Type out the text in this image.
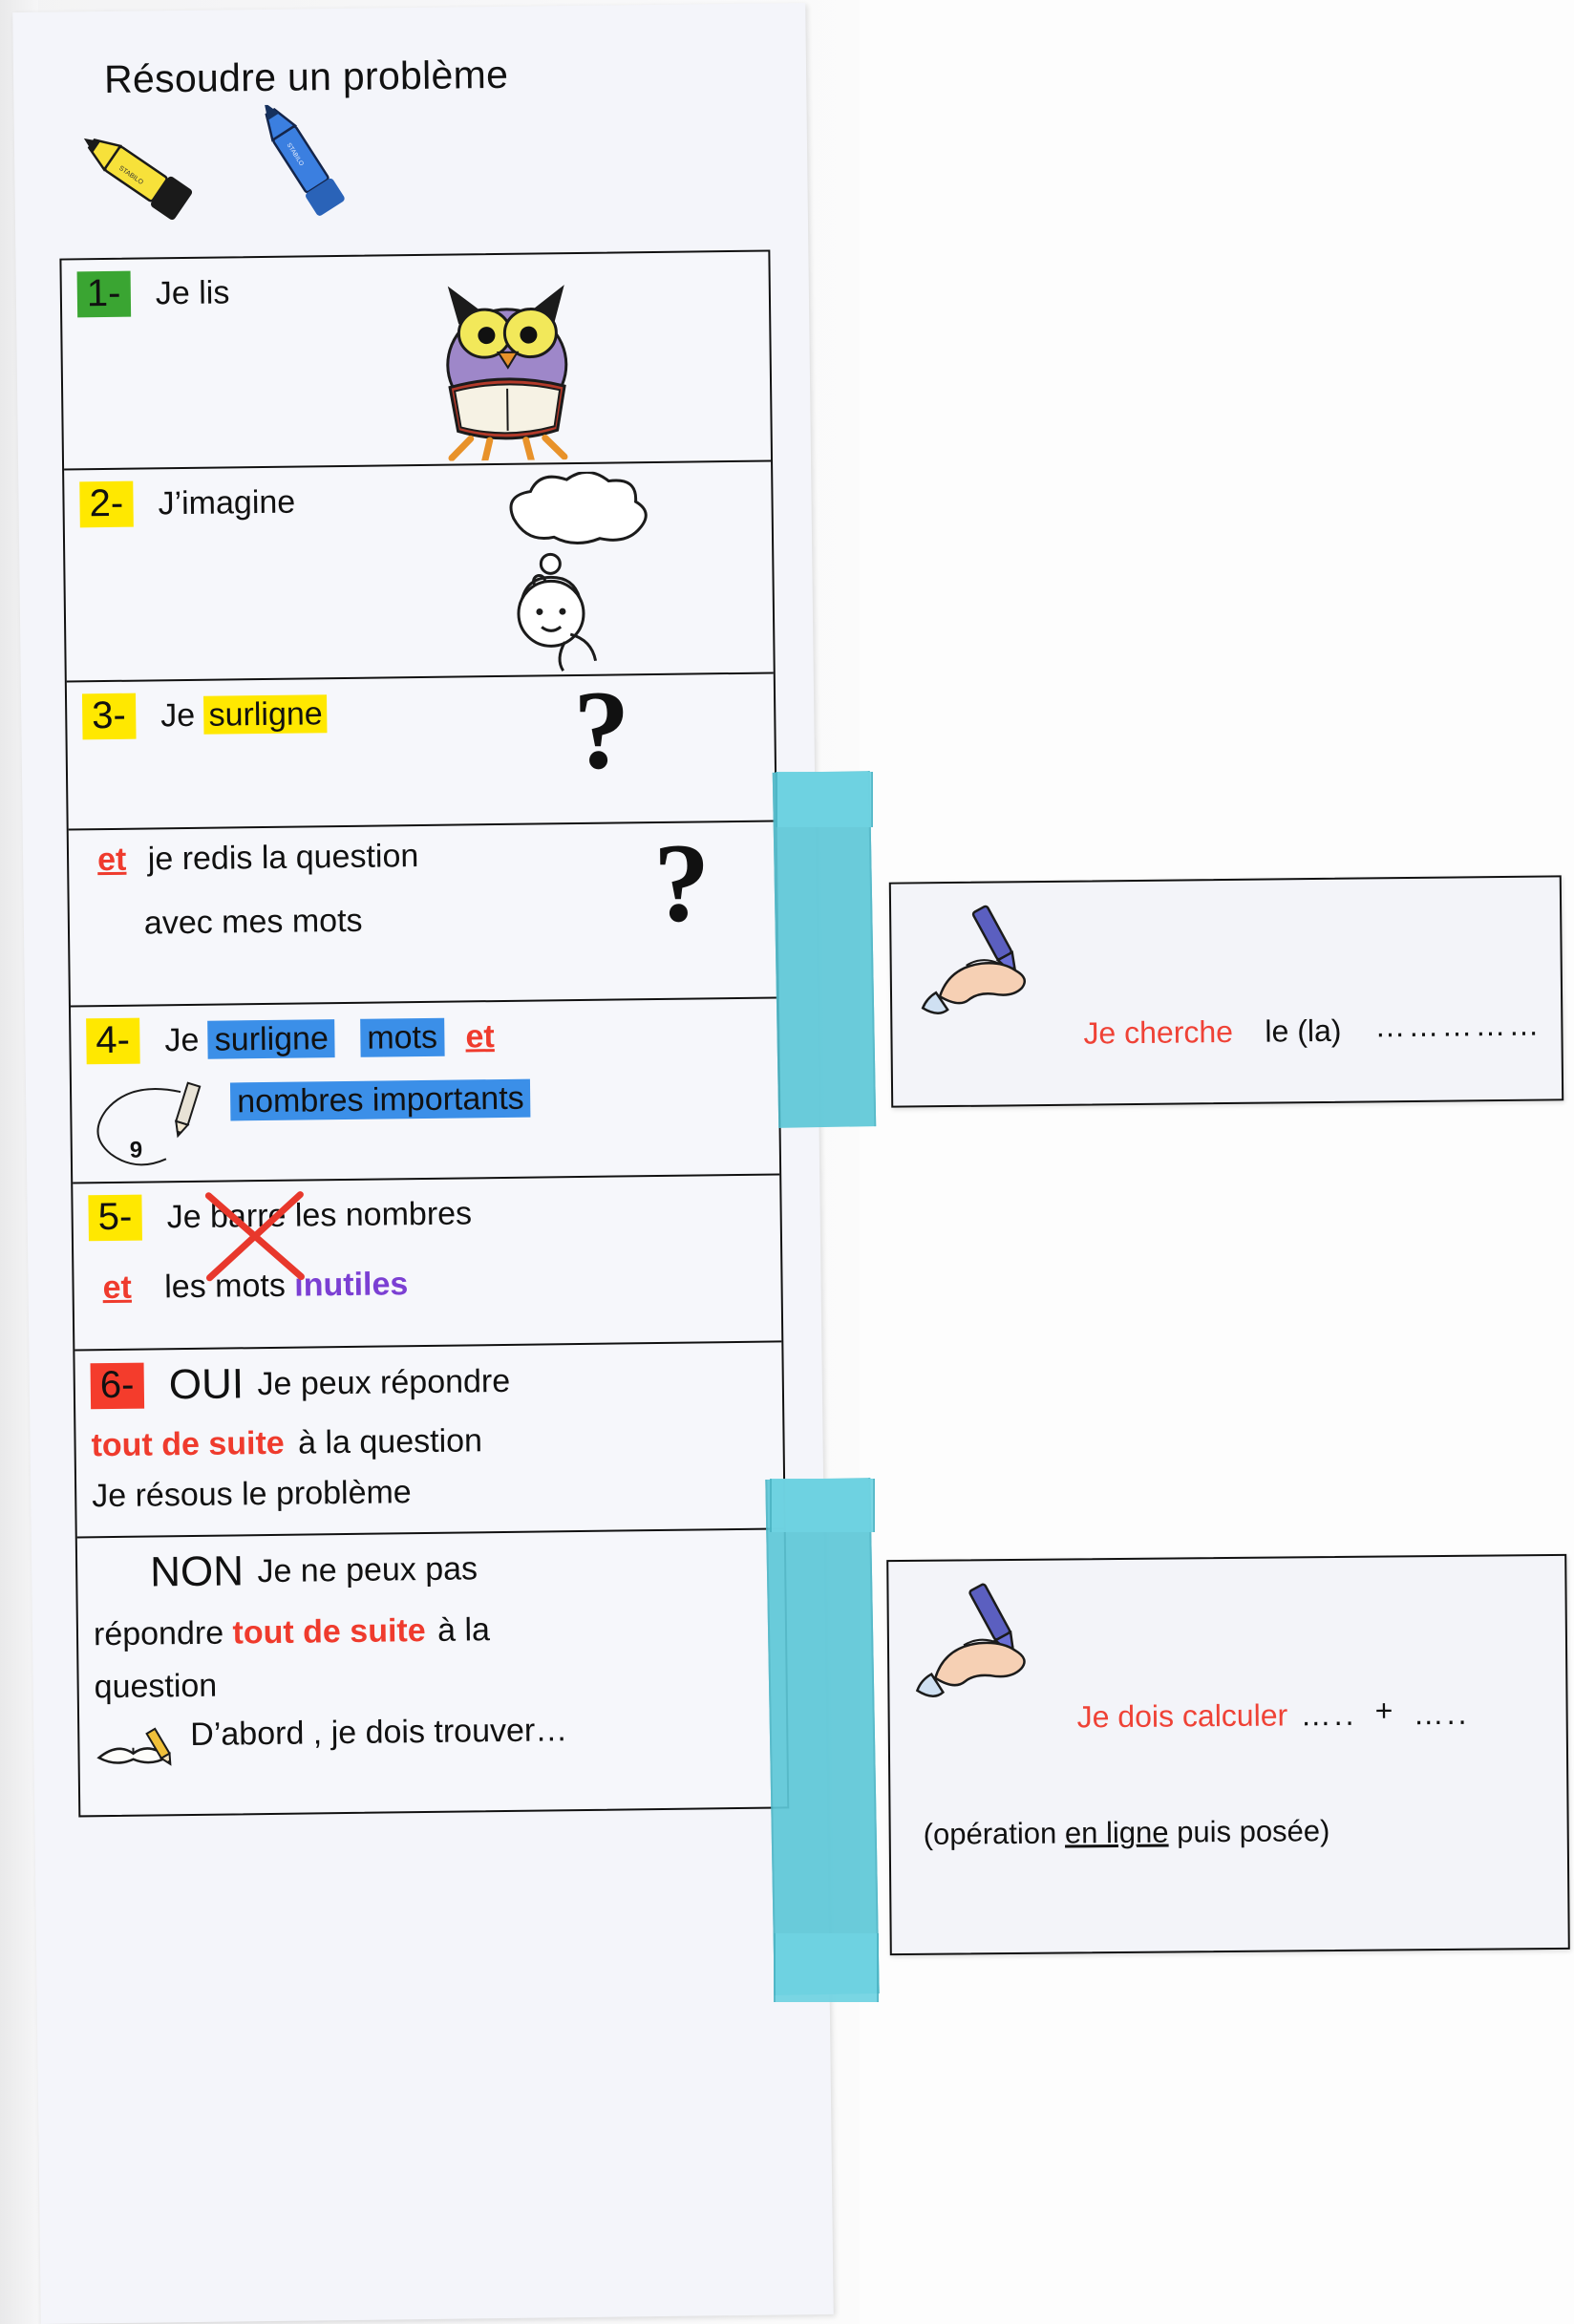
Résoudre un problème
STABILO
STABILO
1- Je lis
2- J’imagine
3- Je surligne ?
et je redis la question
avec mes mots	?
4- Je surligne mots et
nombres importants
9
5- Je barre les nombres
et les mots inutiles
6- OUI Je peux répondre
tout de suite à la question
Je résous le problème
NON Je ne peux pas
répondre tout de suite à la
question
D’abord , je dois trouver…
Je cherche le (la) ……………
Je dois calculer ….. + …..
(opération en ligne puis posée)
